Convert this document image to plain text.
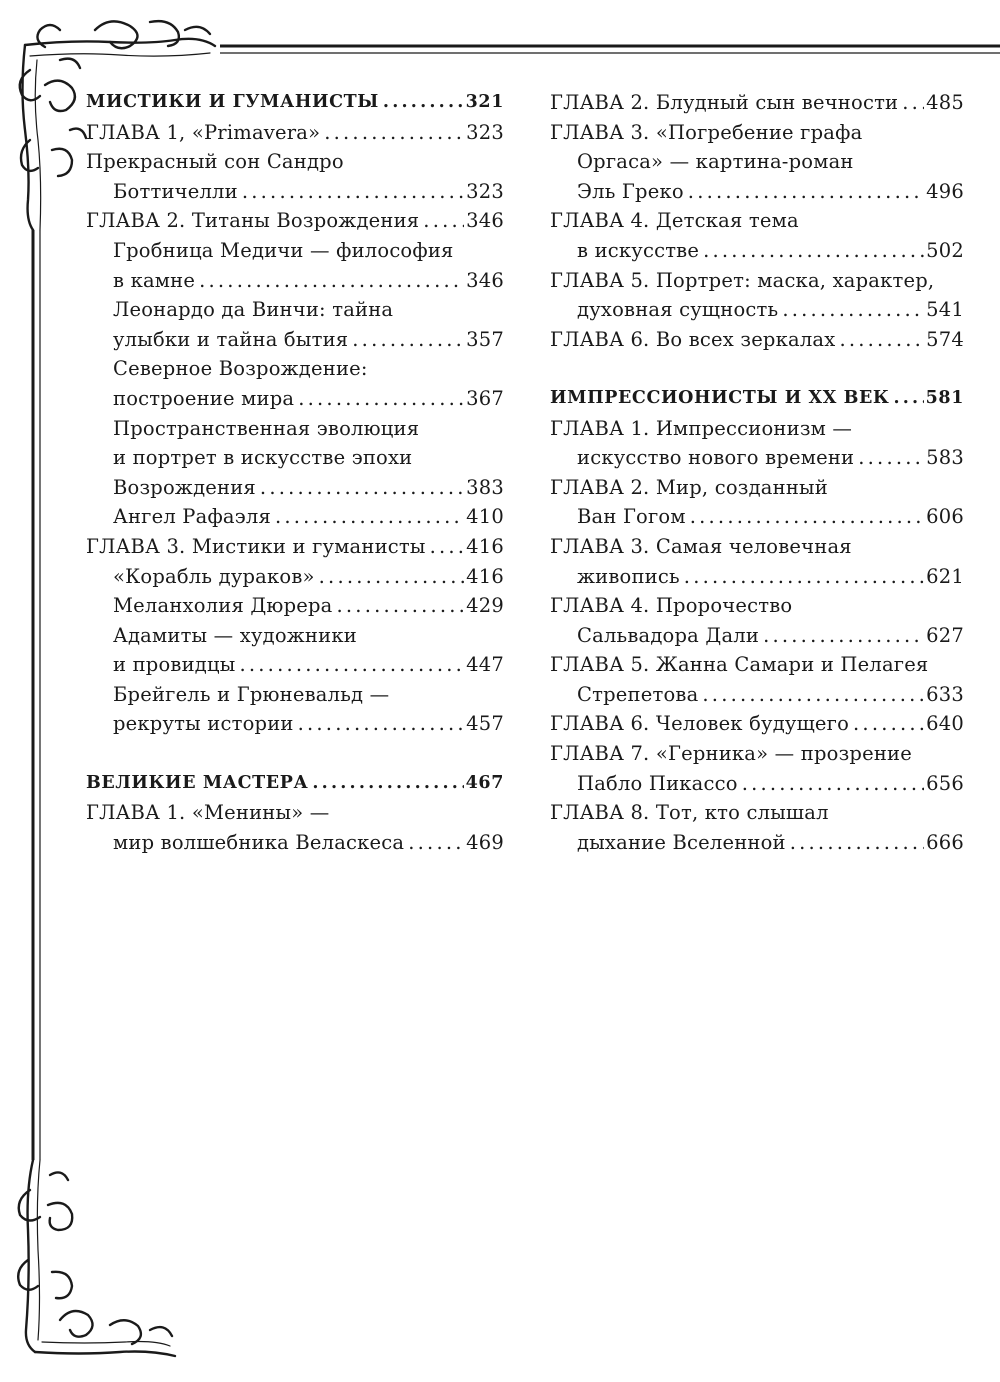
МИСТИКИ И ГУМАНИСТЫ .....	321
ГЛАВА 1, «Primavera» .....	323
Прекрасный сон Сандро
Боттичелли .....	323
ГЛАВА 2. Титаны Возрождения ..... 346
Гробница Медичи — философия
в камне .....	346
Леонардо да Винчи: тайна
улыбки и тайна бытия .....	357
Северное Возрождение:
построение мира .....	367
Пространственная эволюция
и портрет в искусстве эпохи
Возрождения .....	383
Ангел Рафаэля .....	410
ГЛАВА 3. Мистики и гуманисты ..... 416
«Корабль дураков» .....	416
Меланхолия Дюрера .....	429
Адамиты — художники
и провидцы .....	447
Брейгель и Грюневальд —
рекруты истории .....	457
ВЕЛИКИЕ МАСТЕРА .....	467
ГЛАВА 1. «Менины» —
мир волшебника Веласкеса .....	469
ГЛАВА 2. Блудный сын вечности ..... 485
ГЛАВА 3. «Погребение графа
Оргаса» — картина-роман
Эль Греко .....	496
ГЛАВА 4. Детская тема
в искусстве .....	502
ГЛАВА 5. Портрет: маска, характер,
духовная сущность .....	541
ГЛАВА 6. Во всех зеркалах .....	574
ИМПРЕССИОНИСТЫ И XX ВЕК ..... 581
ГЛАВА 1. Импрессионизм —
искусство нового времени .....	583
ГЛАВА 2. Мир, созданный
Ван Гогом .....	606
ГЛАВА 3. Самая человечная
живопись .....	621
ГЛАВА 4. Пророчество
Сальвадора Дали .....	627
ГЛАВА 5. Жанна Самари и Пелагея
Стрепетова .....	633
ГЛАВА 6. Человек будущего .....	640
ГЛАВА 7. «Герника» — прозрение
Пабло Пикассо .....	656
ГЛАВА 8. Тот, кто слышал
дыхание Вселенной .....	666
